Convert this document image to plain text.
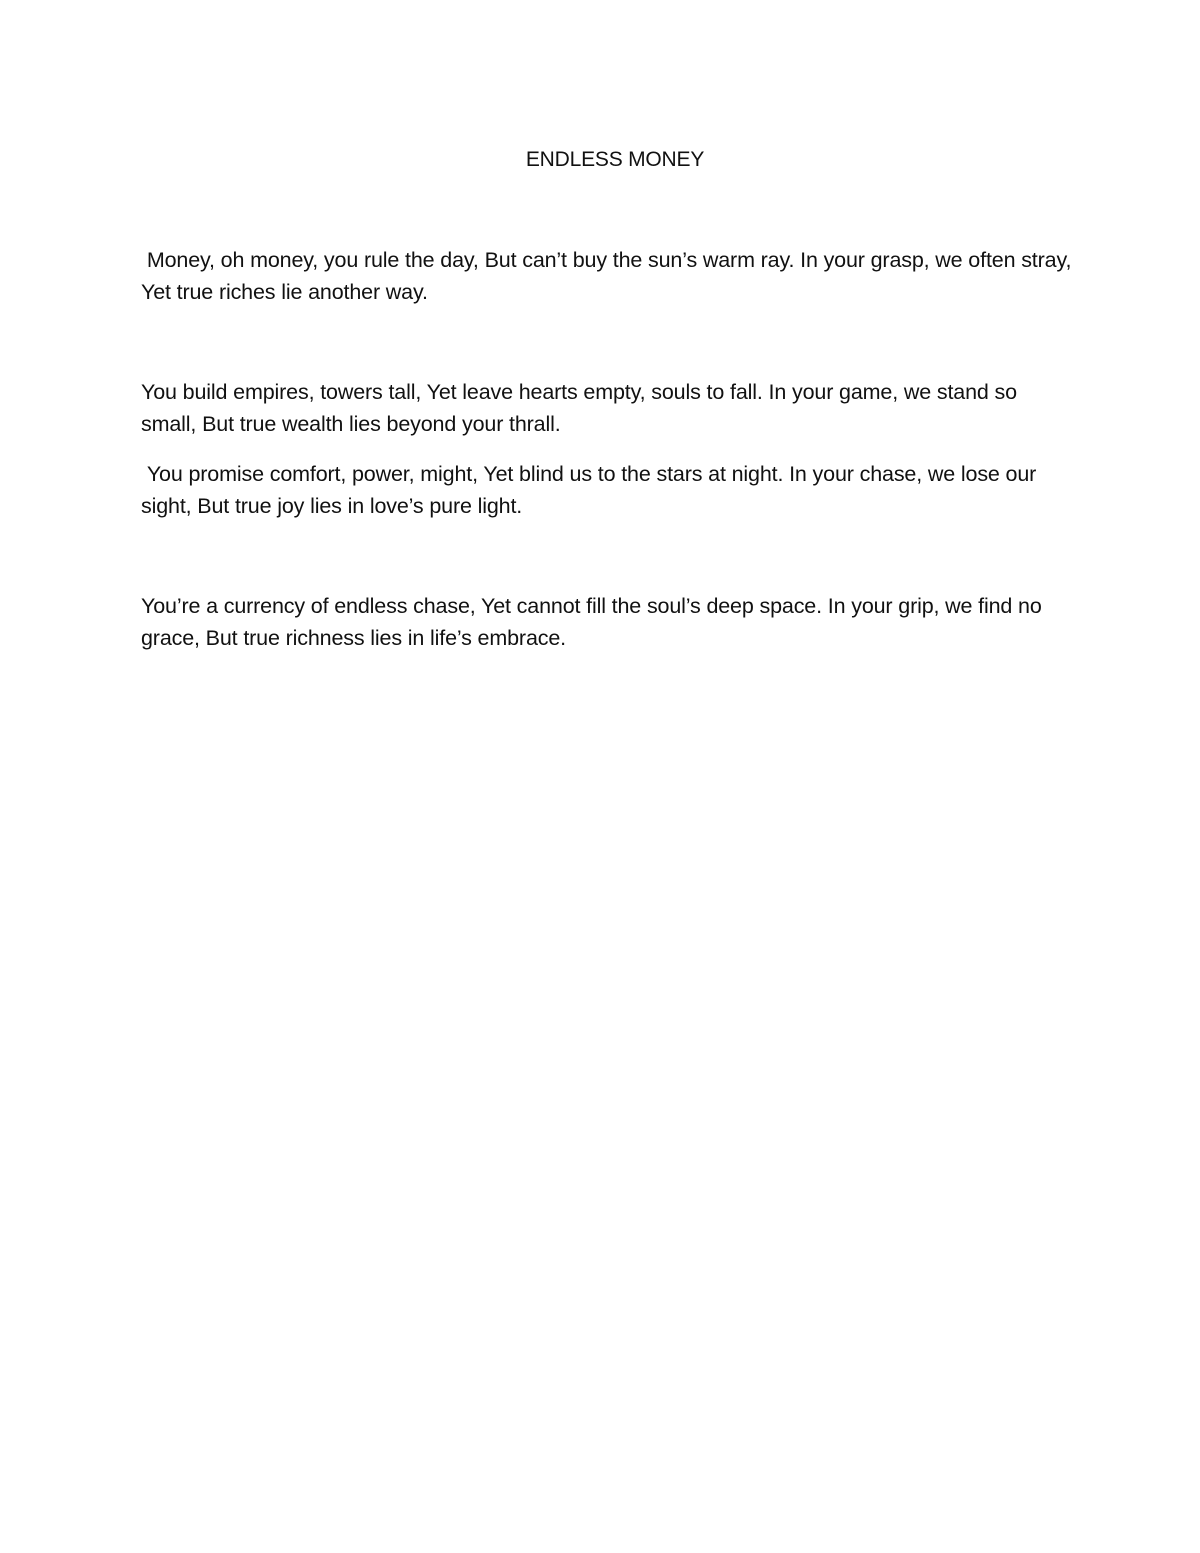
ENDLESS MONEY

Money, oh money, you rule the day, But can’t buy the sun’s warm ray. In your grasp, we often stray, Yet true riches lie another way.

You build empires, towers tall, Yet leave hearts empty, souls to fall. In your game, we stand so small, But true wealth lies beyond your thrall.

You promise comfort, power, might, Yet blind us to the stars at night. In your chase, we lose our sight, But true joy lies in love’s pure light.

You’re a currency of endless chase, Yet cannot fill the soul’s deep space. In your grip, we find no grace, But true richness lies in life’s embrace.
